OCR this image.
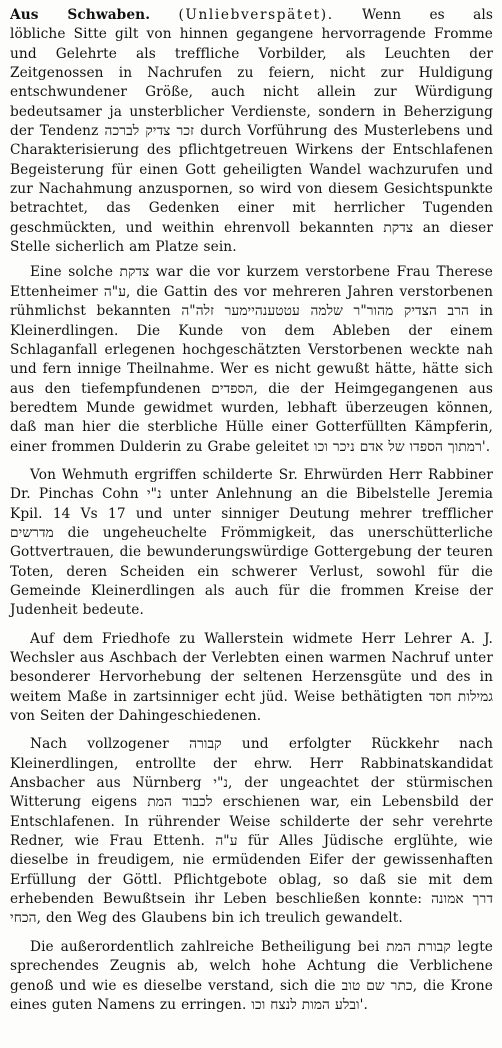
Aus Schwaben. (Unliebverspätet). Wenn es als

löbliche Sitte gilt von hinnen gegangene hervorragende Fromme und Gelehrte als treffliche Vorbilder, als Leuchten der Zeitgenossen in Nachrufen zu feiern, nicht zur Huldigung entschwundener Größe, auch nicht allein zur Würdigung bedeutsamer ja unsterblicher Verdienste, sondern in Beherzigung der Tendenz זכר צדיק לברכה durch Vorführung des Musterlebens und Charakterisierung des pflichtgetreuen Wirkens der Entschlafenen Begeisterung für einen Gott geheiligten Wandel wachzurufen und zur Nachahmung anzuspornen, so wird von diesem Gesichtspunkte betrachtet, das Gedenken einer mit herrlicher Tugenden geschmückten, und weithin ehrenvoll bekannten צדקת an dieser Stelle sicherlich am Platze sein.

Eine solche צדקת war die vor kurzem verstorbene Frau Therese Ettenheimer ע"ה, die Gattin des vor mehreren Jahren verstorbenen rühmlichst bekannten הרב הצדיק מהור"ר שלמה עטטענהיימער זלה"ה in Kleinerdlingen. Die Kunde von dem Ableben der einem Schlaganfall erlegenen hochgeschätzten Verstorbenen weckte nah und fern innige Theilnahme. Wer es nicht gewußt hätte, hätte sich aus den tiefempfundenen הספדים, die der Heimgegangenen aus beredtem Munde gewidmet wurden, lebhaft überzeugen können, daß man hier die sterbliche Hülle einer Gotterfüllten Kämpferin, einer frommen Dulderin zu Grabe geleitet רמתוך הספדו של אדם ניכר וכו'.

Von Wehmuth ergriffen schilderte Sr. Ehrwürden Herr Rabbiner Dr. Pinchas Cohn נ"י unter Anlehnung an die Bibelstelle Jeremia Kpil. 14 Vs 17 und unter sinniger Deutung mehrer trefflicher מדרשים die ungeheuchelte Frömmigkeit, das unerschütterliche Gottvertrauen, die bewunderungswürdige Gottergebung der teuren Toten, deren Scheiden ein schwerer Verlust, sowohl für die Gemeinde Kleinerdlingen als auch für die frommen Kreise der Judenheit bedeute.

Auf dem Friedhofe zu Wallerstein widmete Herr Lehrer A. J. Wechsler aus Aschbach der Verlebten einen warmen Nachruf unter besonderer Hervorhebung der seltenen Herzensgüte und des in weitem Maße in zartsinniger echt jüd. Weise bethätigten גמילות חסד von Seiten der Dahingeschiedenen.

Nach vollzogener קבורה und erfolgter Rückkehr nach Kleinerdlingen, entrollte der ehrw. Herr Rabbinatskandidat Ansbacher aus Nürnberg נ"י, der ungeachtet der stürmischen Witterung eigens לכבוד המת erschienen war, ein Lebensbild der Entschlafenen. In rührender Weise schilderte der sehr verehrte Redner, wie Frau Ettenh. ע"ה für Alles Jüdische erglühte, wie dieselbe in freudigem, nie ermüdenden Eifer der gewissenhaften Erfüllung der Göttl. Pflichtgebote oblag, so daß sie mit dem erhebenden Bewußtsein ihr Leben beschließen konnte: דרך אמונה הכחי, den Weg des Glaubens bin ich treulich gewandelt.

Die außerordentlich zahlreiche Betheiligung bei קבורת המת legte sprechendes Zeugnis ab, welch hohe Achtung die Verblichene genoß und wie es dieselbe verstand, sich die כתר שם טוב, die Krone eines guten Namens zu erringen. ובלע המות לנצח וכו'.
